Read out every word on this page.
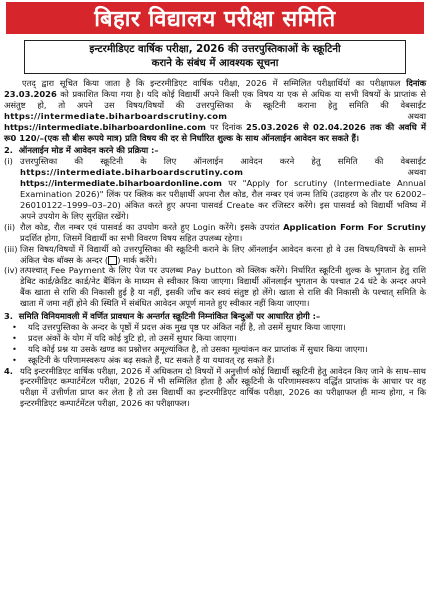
बिहार विद्यालय परीक्षा समिति
इन्टरमीडिएट वार्षिक परीक्षा, 2026 की उत्तरपुस्तिकाओं के स्क्रूटिनी
कराने के संबंध में आवश्यक सूचना

एतद् द्वारा सूचित किया जाता है कि इन्टरमीडिएट वार्षिक परीक्षा, 2026 में सम्मिलित परीक्षार्थियों का परीक्षाफल दिनांक 23.03.2026 को प्रकाशित किया गया है। यदि कोई विद्यार्थी अपने किसी एक विषय या एक से अधिक या सभी विषयों के प्राप्तांक से असंतुष्ट हो, तो अपने उस विषय/विषयों की उत्तरपुस्तिका के स्क्रूटिनी कराना हेतु समिति की वेबसाईट https://intermediate.biharboardscrutiny.com अथवा https://intermediate.biharboardonline.com पर दिनांक 25.03.2026 से 02.04.2026 तक की अवधि में रू0 120/–(एक सौ बीस रूपये मात्र) प्रति विषय की दर से निर्धारित शुल्क के साथ ऑनलाईन आवेदन कर सकते हैं।

2. ऑनलाईन मोड में आवेदन करने की प्रक्रिया :–

(i) उत्तरपुस्तिका की स्क्रूटिनी के लिए ऑनलाईन आवेदन करने हेतु समिति की वेबसाईट https://intermediate.biharboardscrutiny.com अथवा https://intermediate.biharboardonline.com पर "Apply for scrutiny (Intermediate Annual Examination 2026)" लिंक पर क्लिक कर परीक्षार्थी अपना रौल कोड, रौल नम्बर एवं जन्म तिथि (उदाहरण के तौर पर 62002–26010122–1999–03–20) अंकित करते हुए अपना पासवर्ड Create कर रजिस्टर करेंगे। इस पासवर्ड को विद्यार्थी भविष्य में अपने उपयोग के लिए सुरक्षित रखेंगे।
(ii) रौल कोड, रौल नम्बर एवं पासवर्ड का उपयोग करते हुए Login करेंगे। इसके उपरांत Application Form For Scrutiny प्रदर्शित होगा, जिसमें विद्यार्थी का सभी विवरण विषय सहित उपलब्ध रहेगा।
(iii) जिस विषय/विषयों में विद्यार्थी को उत्तरपुस्तिका की स्क्रूटिनी कराने के लिए ऑनलाईन आवेदन करना हो वे उस विषय/विषयों के सामने अंकित चेक बॉक्स के अन्दर ( ) मार्क करेंगे।
(iv) तत्पश्चात् Fee Payment के लिए पेज पर उपलब्ध Pay button को क्लिक करेंगे। निर्धारित स्क्रूटिनी शुल्क के भुगतान हेतु राशि डेबिट कार्ड/क्रेडिट कार्ड/नेट बैंकिंग के माध्यम से स्वीकार किया जाएगा। विद्यार्थी ऑनलाईन भुगतान के पश्चात 24 घंटे के अन्दर अपने बैंक खाता से राशि की निकासी हुई है या नहीं, इसकी जाँच कर स्वयं संतुष्ट हो लेंगे। खाता से राशि की निकासी के पश्चात् समिति के खाता में जमा नहीं होने की स्थिति में संबंधित आवेदन अपूर्ण मानते हुए स्वीकार नहीं किया जाएगा।

3. समिति विनियमावली में वर्णित प्रावधान के अन्तर्गत स्क्रूटिनी निम्नांकित बिन्दुओं पर आधारित होगी :–

•	यदि उत्तरपुस्तिका के अन्दर के पृष्ठों में प्रदत्त अंक मुख पृष्ठ पर अंकित नहीं है, तो उसमें सुधार किया जाएगा।
•	प्रदत्त अंकों के योग में यदि कोई त्रुटि हो, तो उसमें सुधार किया जाएगा।
•	यदि कोई प्रश्न या उसके खण्ड का प्रश्नोत्तर अमूल्यांकित है, तो उसका मूल्यांकन कर प्राप्तांक में सुधार किया जाएगा।
•	स्क्रूटिनी के परिणामस्वरूप अंक बढ़ सकते हैं, घट सकते हैं या यथावत् रह सकते हैं।
4. यदि इन्टरमीडिएट वार्षिक परीक्षा, 2026 में अधिकतम दो विषयों में अनुत्तीर्ण कोई विद्यार्थी स्क्रूटिनी हेतु आवेदन किए जाने के साथ–साथ इन्टरमीडिएट कम्पार्टमेंटल परीक्षा, 2026 में भी सम्मिलित होता है और स्क्रूटिनी के परिणामस्वरूप वर्द्धित प्राप्तांक के आधार पर वह परीक्षा में उत्तीर्णता प्राप्त कर लेता है तो उस विद्यार्थी का इन्टरमीडिएट वार्षिक परीक्षा, 2026 का परीक्षाफल ही मान्य होगा, न कि इन्टरमीडिएट कम्पार्टमेंटल परीक्षा, 2026 का परीक्षाफल।
